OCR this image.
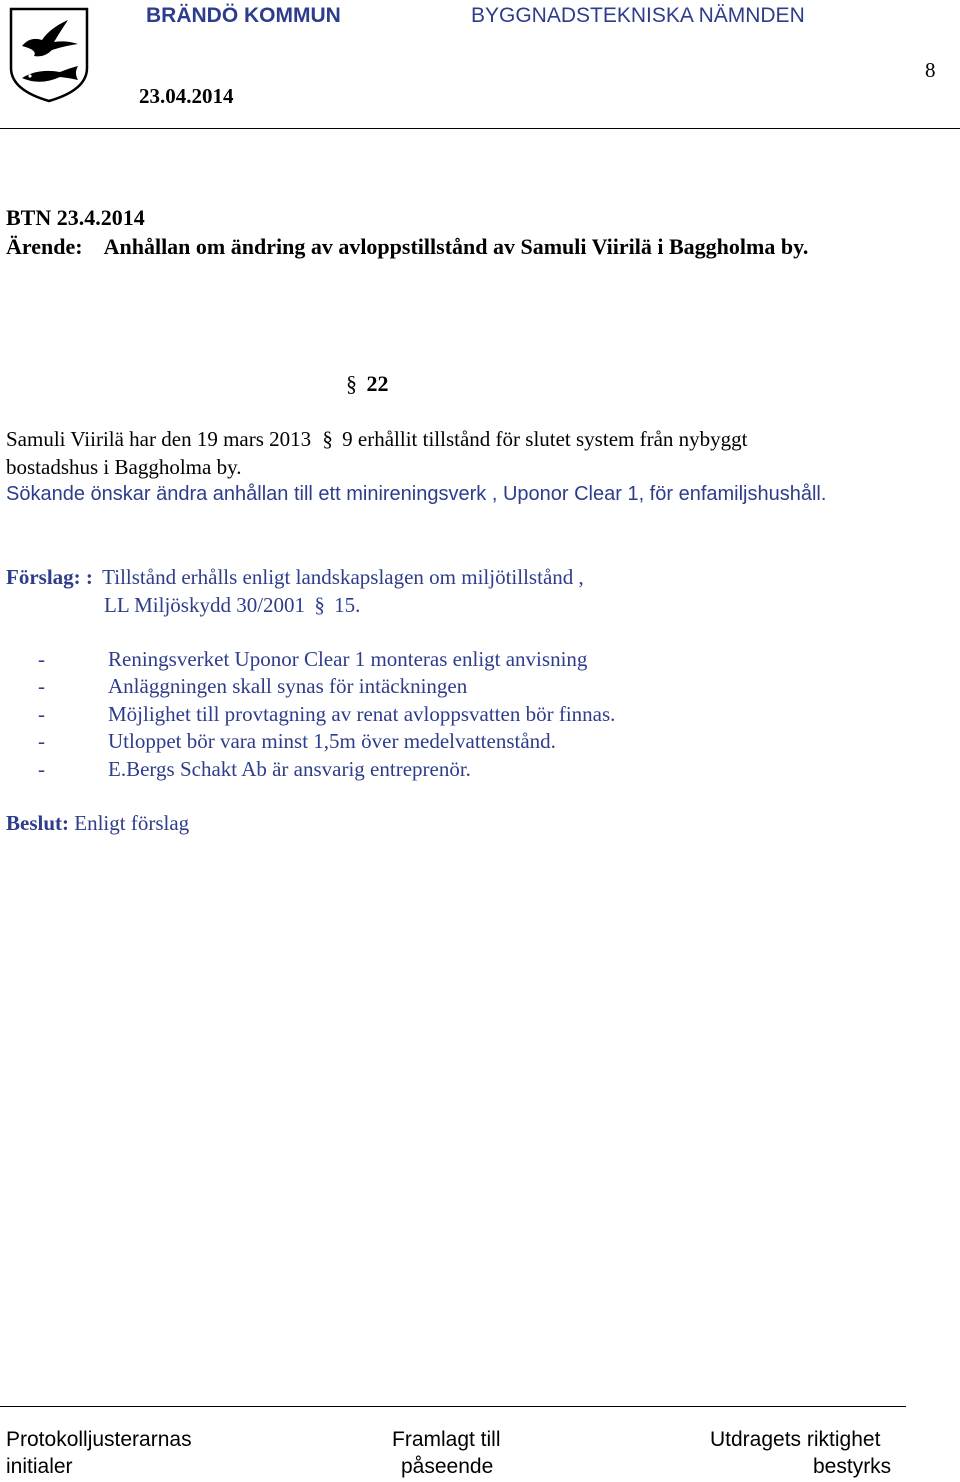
BRÄNDÖ KOMMUN	BYGGNADSTEKNISKA NÄMNDEN
23.04.2014
8
BTN 23.4.2014
Ärende: Anhållan om ändring av avloppstillstånd av Samuli Viirilä i Baggholma by.
§ 22
Samuli Viirilä har den 19 mars 2013 § 9 erhållit tillstånd för slutet system från nybyggt
bostadshus i Baggholma by.
Sökande önskar ändra anhållan till ett minireningsverk , Uponor Clear 1, för enfamiljshushåll.
Förslag: : Tillstånd erhålls enligt landskapslagen om miljötillstånd ,
LL Miljöskydd 30/2001 § 15.
-	Reningsverket Uponor Clear 1 monteras enligt anvisning
-	Anläggningen skall synas för intäckningen
-	Möjlighet till provtagning av renat avloppsvatten bör finnas.
-	Utloppet bör vara minst 1,5m över medelvattenstånd.
-	E.Bergs Schakt Ab är ansvarig entreprenör.
Beslut: Enligt förslag
Protokolljusterarnas
initialer
Framlagt till
påseende
Utdragets riktighet
bestyrks
